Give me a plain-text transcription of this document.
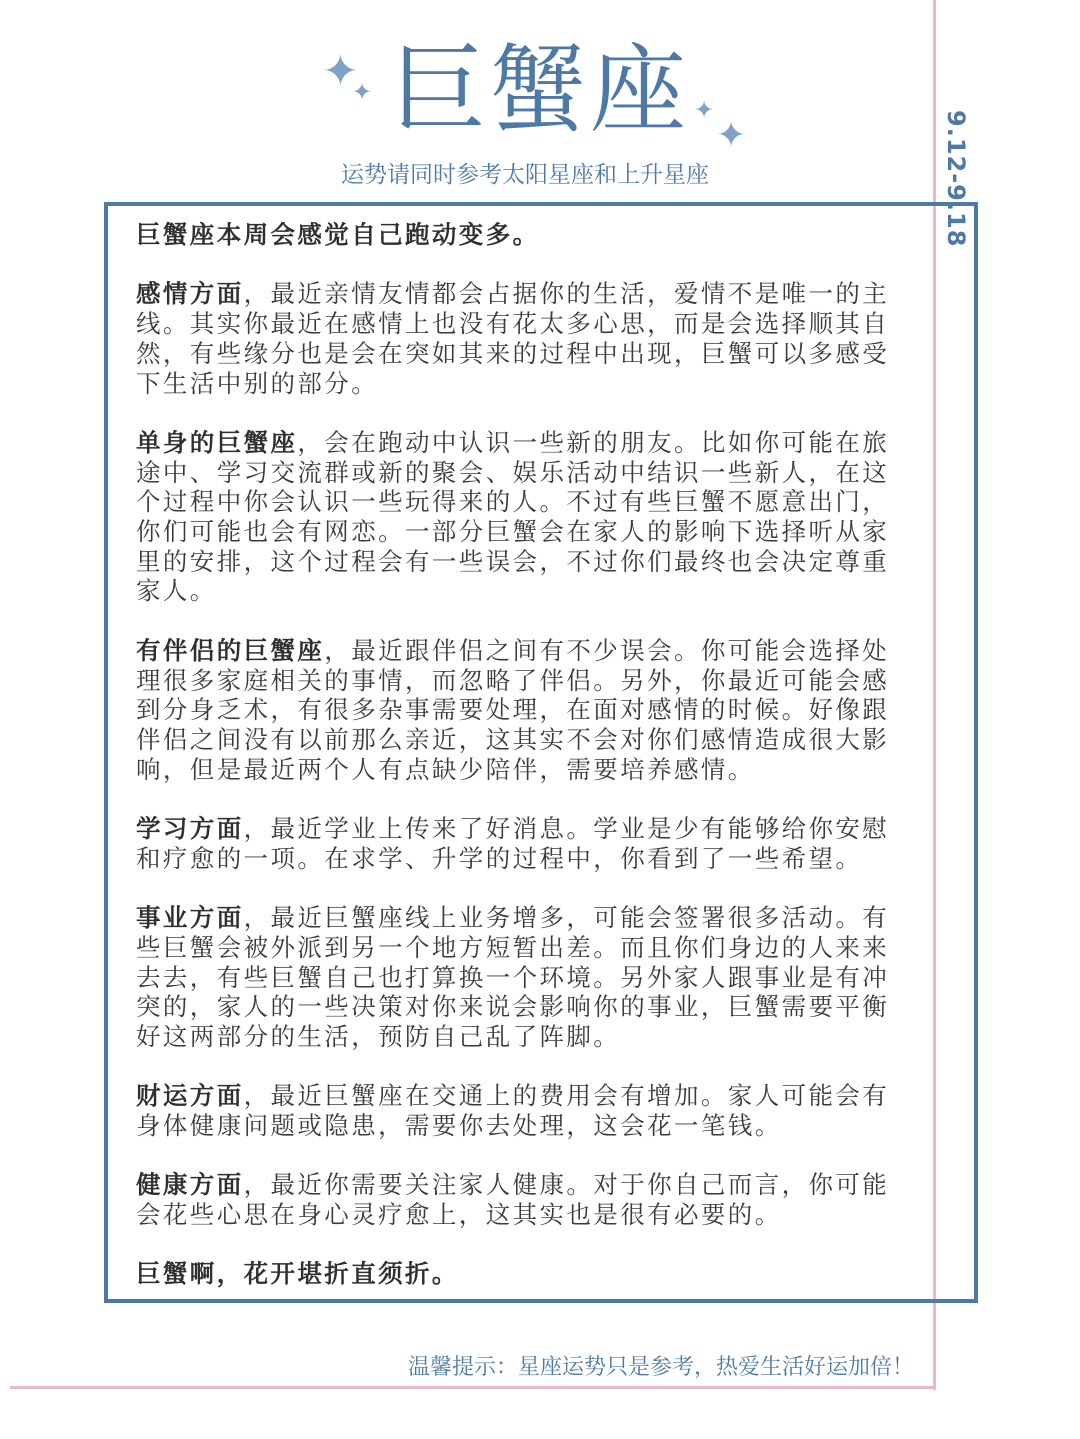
✦
✦
✦
✦
巨蟹座
9.12-9.18
运势请同时参考太阳星座和上升星座

巨蟹座本周会感觉自己跑动变多。

感情方面，最近亲情友情都会占据你的生活，爱情不是唯一的主线。其实你最近在感情上也没有花太多心思，而是会选择顺其自然，有些缘分也是会在突如其来的过程中出现，巨蟹可以多感受下生活中别的部分。

单身的巨蟹座，会在跑动中认识一些新的朋友。比如你可能在旅途中、学习交流群或新的聚会、娱乐活动中结识一些新人，在这个过程中你会认识一些玩得来的人。不过有些巨蟹不愿意出门，你们可能也会有网恋。一部分巨蟹会在家人的影响下选择听从家里的安排，这个过程会有一些误会，不过你们最终也会决定尊重家人。

有伴侣的巨蟹座，最近跟伴侣之间有不少误会。你可能会选择处理很多家庭相关的事情，而忽略了伴侣。另外，你最近可能会感到分身乏术，有很多杂事需要处理，在面对感情的时候。好像跟伴侣之间没有以前那么亲近，这其实不会对你们感情造成很大影响，但是最近两个人有点缺少陪伴，需要培养感情。

学习方面，最近学业上传来了好消息。学业是少有能够给你安慰和疗愈的一项。在求学、升学的过程中，你看到了一些希望。

事业方面，最近巨蟹座线上业务增多，可能会签署很多活动。有些巨蟹会被外派到另一个地方短暂出差。而且你们身边的人来来去去，有些巨蟹自己也打算换一个环境。另外家人跟事业是有冲突的，家人的一些决策对你来说会影响你的事业，巨蟹需要平衡好这两部分的生活，预防自己乱了阵脚。

财运方面，最近巨蟹座在交通上的费用会有增加。家人可能会有身体健康问题或隐患，需要你去处理，这会花一笔钱。

健康方面，最近你需要关注家人健康。对于你自己而言，你可能会花些心思在身心灵疗愈上，这其实也是很有必要的。

巨蟹啊，花开堪折直须折。

温馨提示：星座运势只是参考，热爱生活好运加倍！
